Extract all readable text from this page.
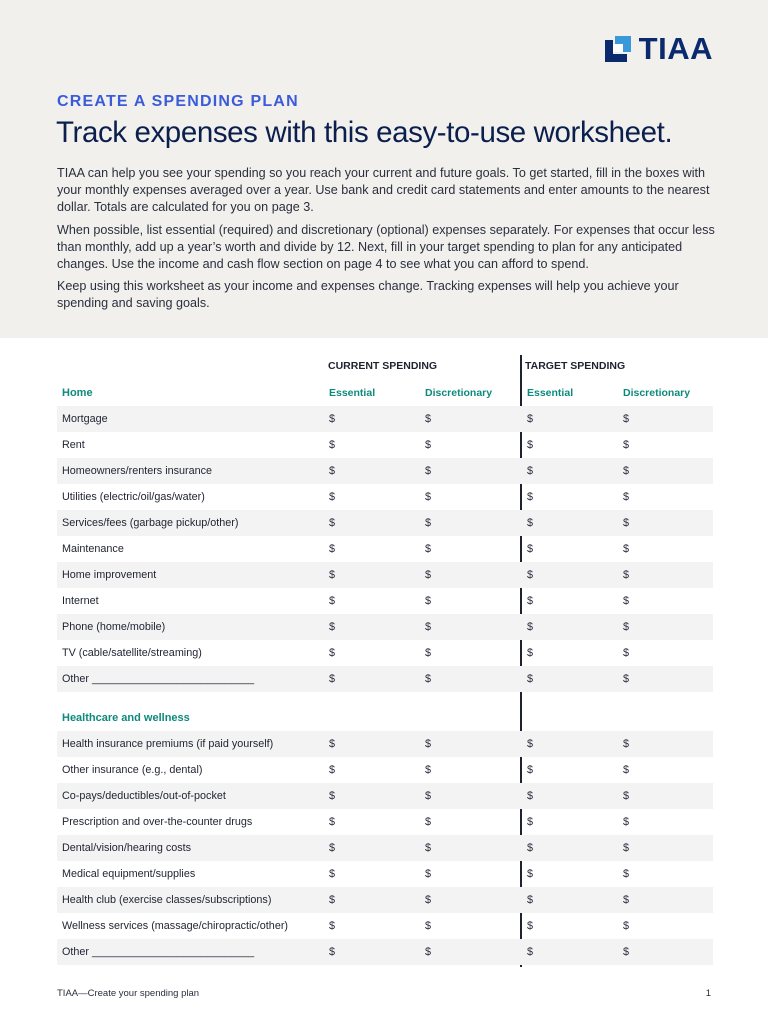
TIAA
CREATE A SPENDING PLAN
Track expenses with this easy-to-use worksheet.

TIAA can help you see your spending so you reach your current and future goals. To get started, fill in the boxes with your monthly expenses averaged over a year. Use bank and credit card statements and enter amounts to the nearest dollar. Totals are calculated for you on page 3.

When possible, list essential (required) and discretionary (optional) expenses separately. For expenses that occur less than monthly, add up a year’s worth and divide by 12. Next, fill in your target spending to plan for any anticipated changes. Use the income and cash flow section on page 4 to see what you can afford to spend.

Keep using this worksheet as your income and expenses change. Tracking expenses will help you achieve your spending and saving goals.

CURRENT SPENDING	TARGET SPENDING
Home	Essential	Discretionary	Essential	Discretionary
Mortgage	$	$	$	$
Rent	$	$	$	$
Homeowners/renters insurance	$	$	$	$
Utilities (electric/oil/gas/water)	$	$	$	$
Services/fees (garbage pickup/other)	$	$	$	$
Maintenance	$	$	$	$
Home improvement	$	$	$	$
Internet	$	$	$	$
Phone (home/mobile)	$	$	$	$
TV (cable/satellite/streaming)	$	$	$	$
Other ___________________________	$	$	$	$
Healthcare and wellness
Health insurance premiums (if paid yourself)	$	$	$	$
Other insurance (e.g., dental)	$	$	$	$
Co-pays/deductibles/out-of-pocket	$	$	$	$
Prescription and over-the-counter drugs	$	$	$	$
Dental/vision/hearing costs	$	$	$	$
Medical equipment/supplies	$	$	$	$
Health club (exercise classes/subscriptions)	$	$	$	$
Wellness services (massage/chiropractic/other)	$	$	$	$
Other ___________________________	$	$	$	$
TIAA—Create your spending plan	1
